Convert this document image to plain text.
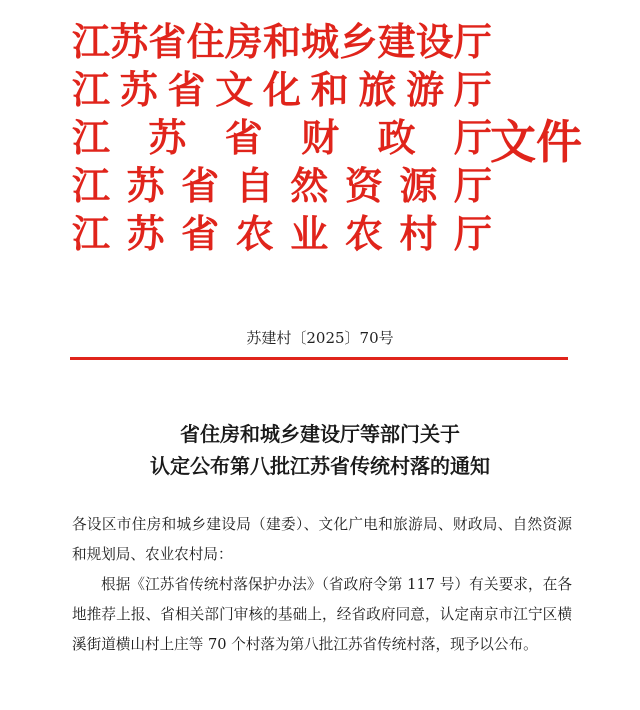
江 苏 省 住 房 和 城 乡 建 设 厅
江 苏 省 文 化 和 旅 游 厅
江 苏 省 财 政 厅
江 苏 省 自 然 资 源 厅
江 苏 省 农 业 农 村 厅
文件
苏建村〔2025〕70号
省住房和城乡建设厅等部门关于
认定公布第八批江苏省传统村落的通知

各设区市住房和城乡建设局（建委）、文化广电和旅游局、财政局、自然资源和规划局、农业农村局：

根据《江苏省传统村落保护办法》（省政府令第 117 号）有关要求，在各地推荐上报、省相关部门审核的基础上，经省政府同意，认定南京市江宁区横溪街道横山村上庄等 70 个村落为第八批江苏省传统村落，现予以公布。
